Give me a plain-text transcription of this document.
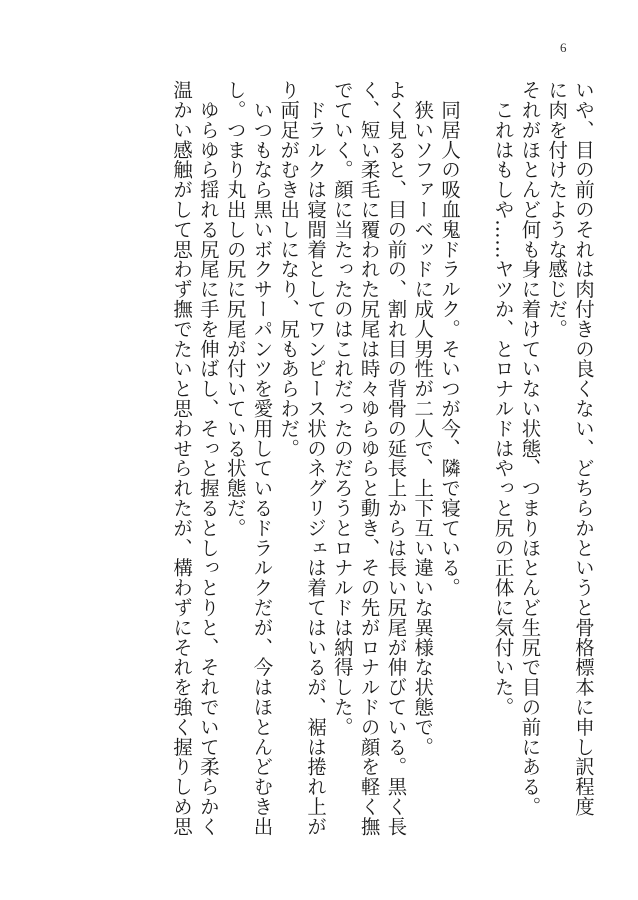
6
いや、目の前のそれは肉付きの良くない、どちらかというと骨格標本に申し訳程度
に肉を付けたような感じだ。
それがほとんど何も身に着けていない状態、つまりほとんど生尻で目の前にある。
　これはもしや……ヤツか、とロナルドはやっと尻の正体に気付いた。
　同居人の吸血鬼ドラルク。そいつが今、隣で寝ている。
　狭いソファーベッドに成人男性が二人で、上下互い違いな異様な状態で。
よく見ると、目の前の、割れ目の背骨の延長上からは長い尻尾が伸びている。黒く長
く、短い柔毛に覆われた尻尾は時々ゆらゆらと動き、その先がロナルドの顔を軽く撫
でていく。顔に当たったのはこれだったのだろうとロナルドは納得した。
　ドラルクは寝間着としてワンピース状のネグリジェは着てはいるが、裾は捲れ上が
り両足がむき出しになり、尻もあらわだ。
　いつもなら黒いボクサーパンツを愛用しているドラルクだが、今はほとんどむき出
し。つまり丸出しの尻に尻尾が付いている状態だ。
　ゆらゆら揺れる尻尾に手を伸ばし、そっと握るとしっとりと、それでいて柔らかく
温かい感触がして思わず撫でたいと思わせられたが、構わずにそれを強く握りしめ思
